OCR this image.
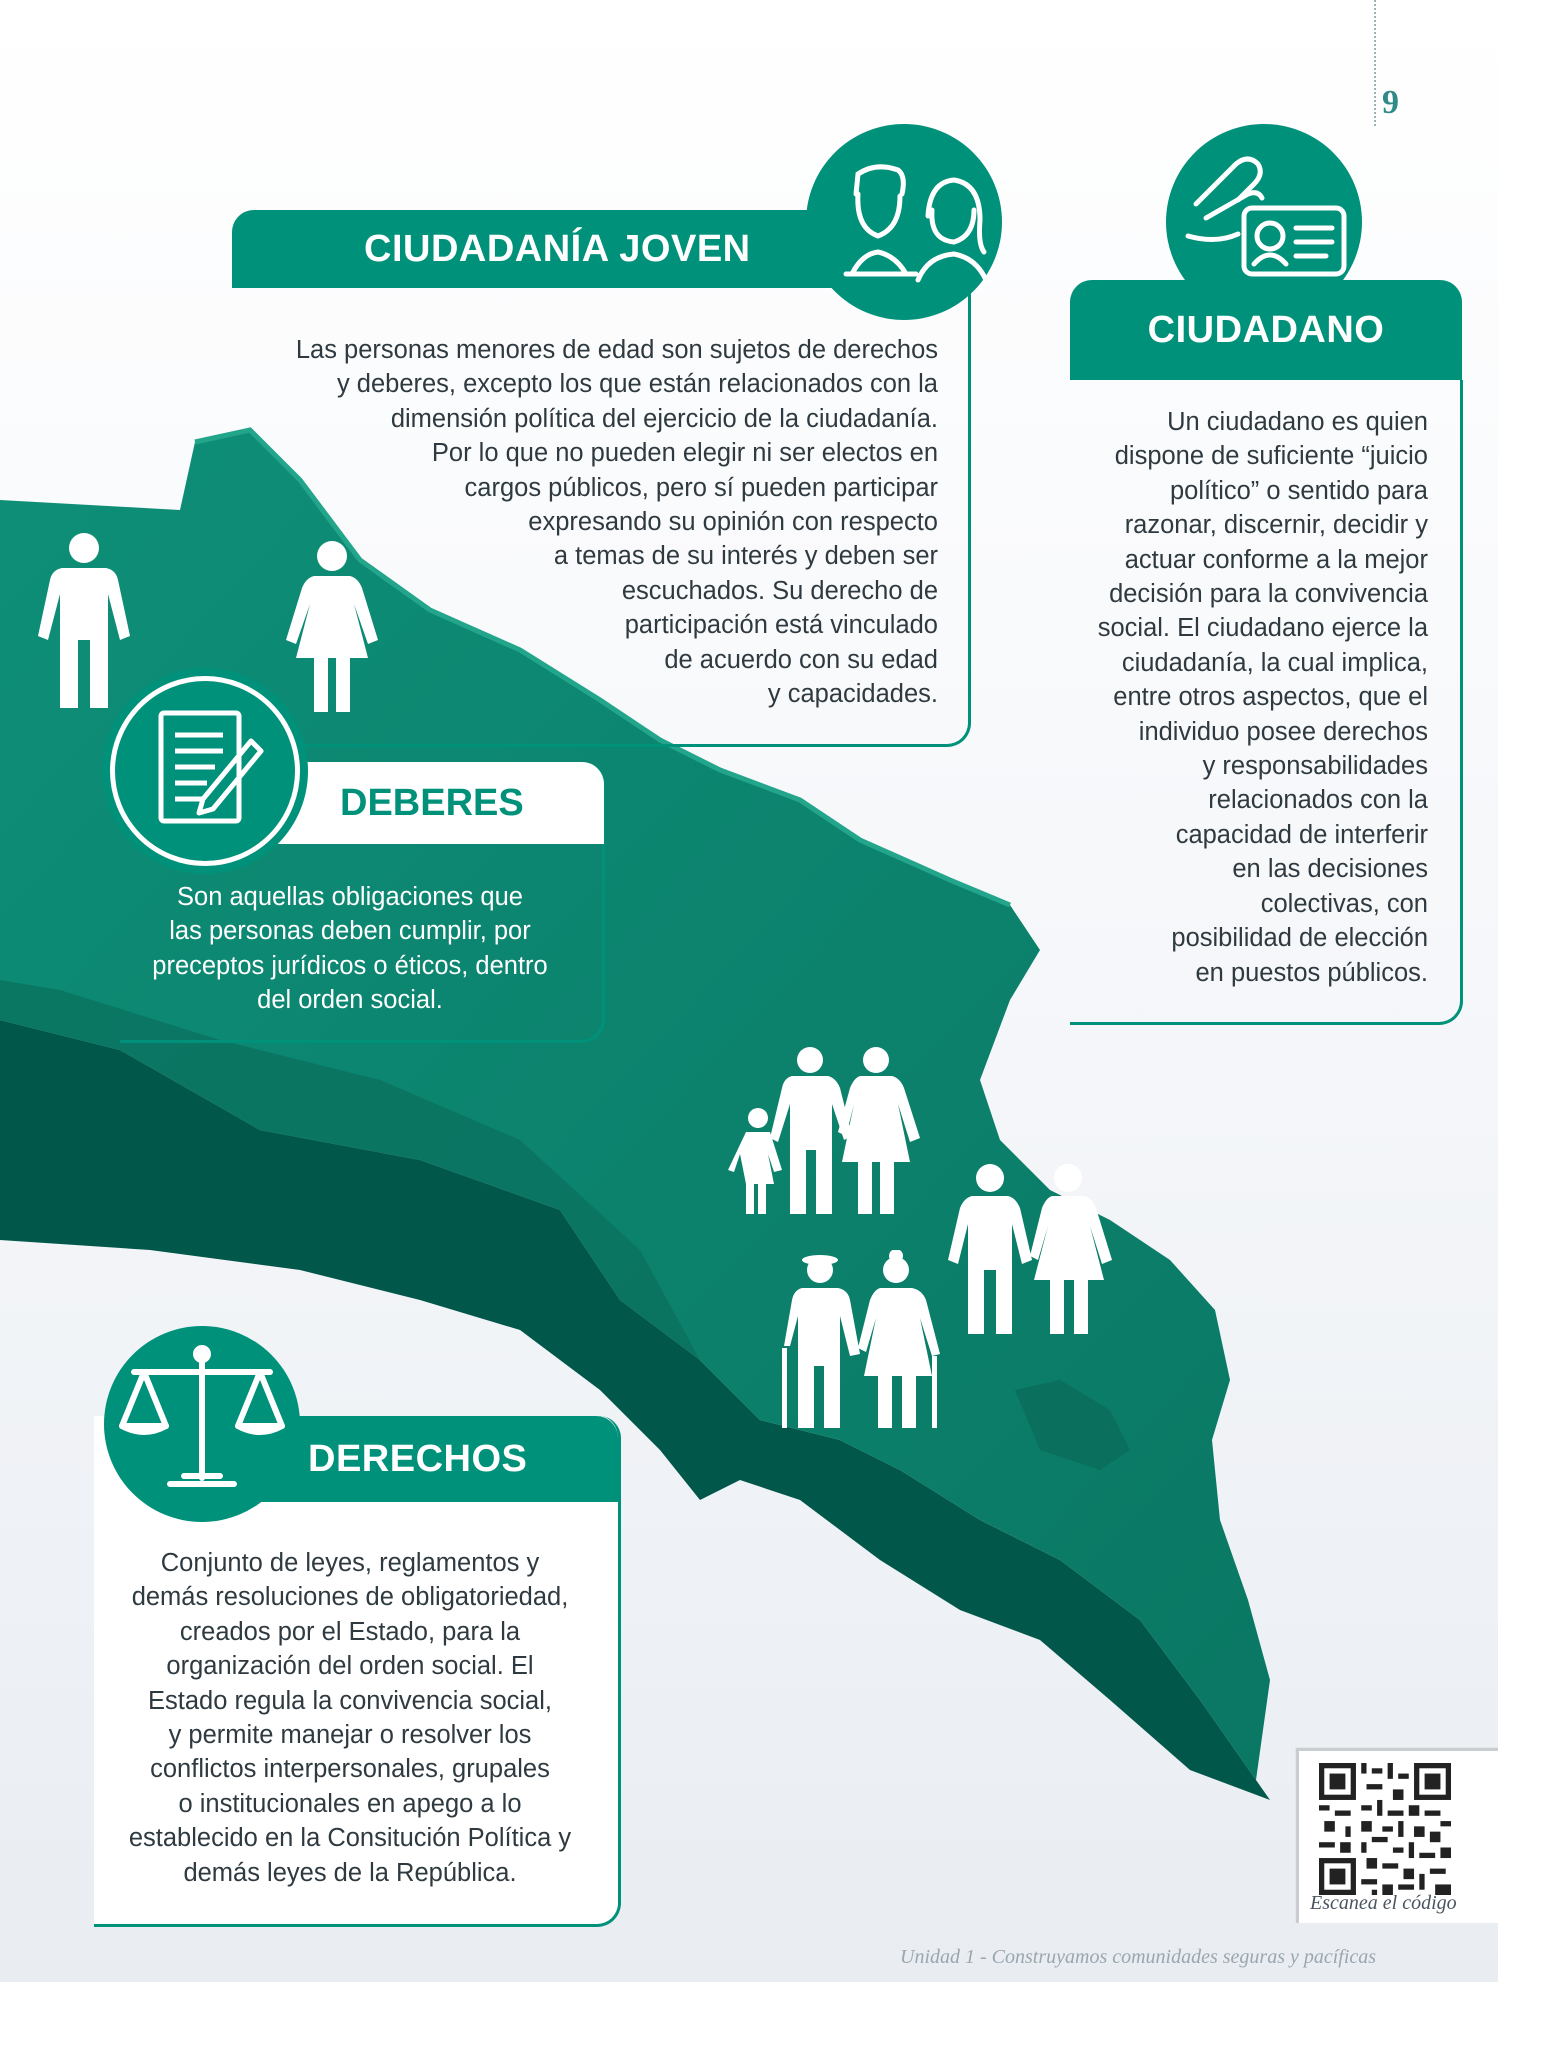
9
CIUDADANÍA JOVEN
Las personas menores de edad son sujetos de derechos
y deberes, excepto los que están relacionados con la
dimensión política del ejercicio de la ciudadanía.
Por lo que no pueden elegir ni ser electos en
cargos públicos, pero sí pueden participar
expresando su opinión con respecto
a temas de su interés y deben ser
escuchados. Su derecho de
participación está vinculado
de acuerdo con su edad
y capacidades.
CIUDADANO
Un ciudadano es quien
dispone de suficiente “juicio
político” o sentido para
razonar, discernir, decidir y
actuar conforme a la mejor
decisión para la convivencia
social. El ciudadano ejerce la
ciudadanía, la cual implica,
entre otros aspectos, que el
individuo posee derechos
y responsabilidades
relacionados con la
capacidad de interferir
en las decisiones
colectivas, con
posibilidad de elección
en puestos públicos.
DEBERES
Son aquellas obligaciones que
las personas deben cumplir, por
preceptos jurídicos o éticos, dentro
del orden social.
DERECHOS
Conjunto de leyes, reglamentos y
demás resoluciones de obligatoriedad,
creados por el Estado, para la
organización del orden social. El
Estado regula la convivencia social,
y permite manejar o resolver los
conflictos interpersonales, grupales
o institucionales en apego a lo
establecido en la Consitución Política y
demás leyes de la República.
Escanea el código
Unidad 1 - Construyamos comunidades seguras y pacíficas
